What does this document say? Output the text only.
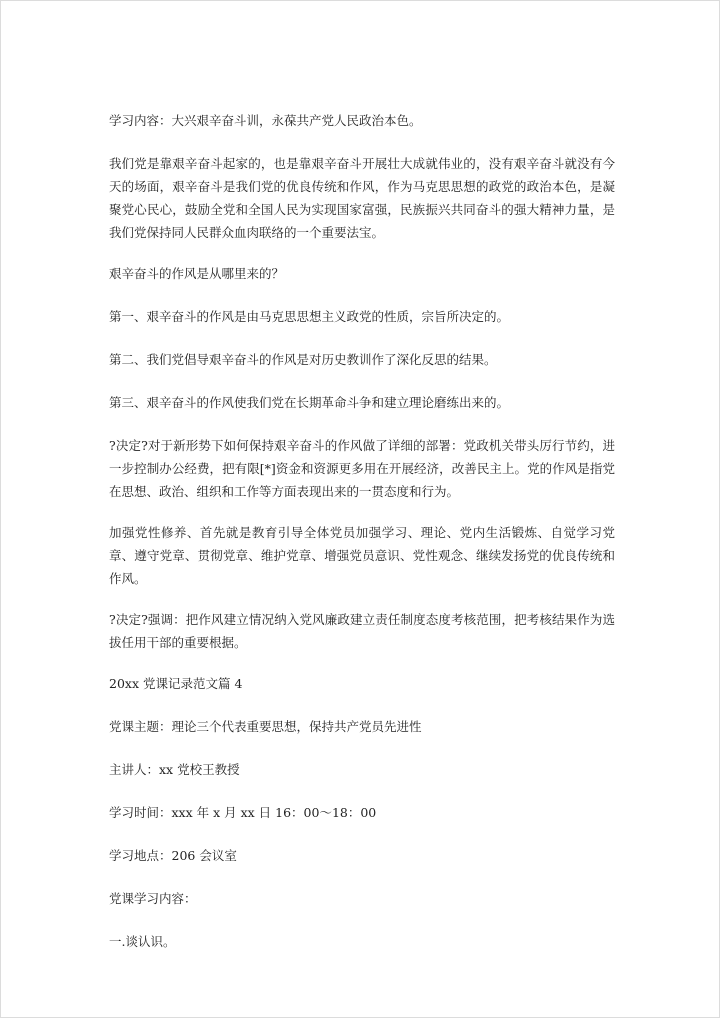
学习内容：大兴艰辛奋斗训，永葆共产党人民政治本色。

我们党是靠艰辛奋斗起家的，也是靠艰辛奋斗开展壮大成就伟业的，没有艰辛奋斗就没有今天的场面，艰辛奋斗是我们党的优良传统和作风，作为马克思思想的政党的政治本色，是凝聚党心民心，鼓励全党和全国人民为实现国家富强，民族振兴共同奋斗的强大精神力量，是我们党保持同人民群众血肉联络的一个重要法宝。

艰辛奋斗的作风是从哪里来的？

第一、艰辛奋斗的作风是由马克思思想主义政党的性质，宗旨所决定的。

第二、我们党倡导艰辛奋斗的作风是对历史教训作了深化反思的结果。

第三、艰辛奋斗的作风使我们党在长期革命斗争和建立理论磨练出来的。

?决定?对于新形势下如何保持艰辛奋斗的作风做了详细的部署：党政机关带头厉行节约，进一步控制办公经费，把有限[*]资金和资源更多用在开展经济，改善民主上。党的作风是指党在思想、政治、组织和工作等方面表现出来的一贯态度和行为。

加强党性修养、首先就是教育引导全体党员加强学习、理论、党内生活锻炼、自觉学习党章、遵守党章、贯彻党章、维护党章、增强党员意识、党性观念、继续发扬党的优良传统和作风。

?决定?强调：把作风建立情况纳入党风廉政建立责任制度态度考核范围，把考核结果作为选拔任用干部的重要根据。

20xx 党课记录范文篇 4

党课主题：理论三个代表重要思想，保持共产党员先进性

主讲人：xx 党校王教授

学习时间：xxx 年 x 月 xx 日 16：00～18：00

学习地点：206 会议室

党课学习内容：

一.谈认识。
